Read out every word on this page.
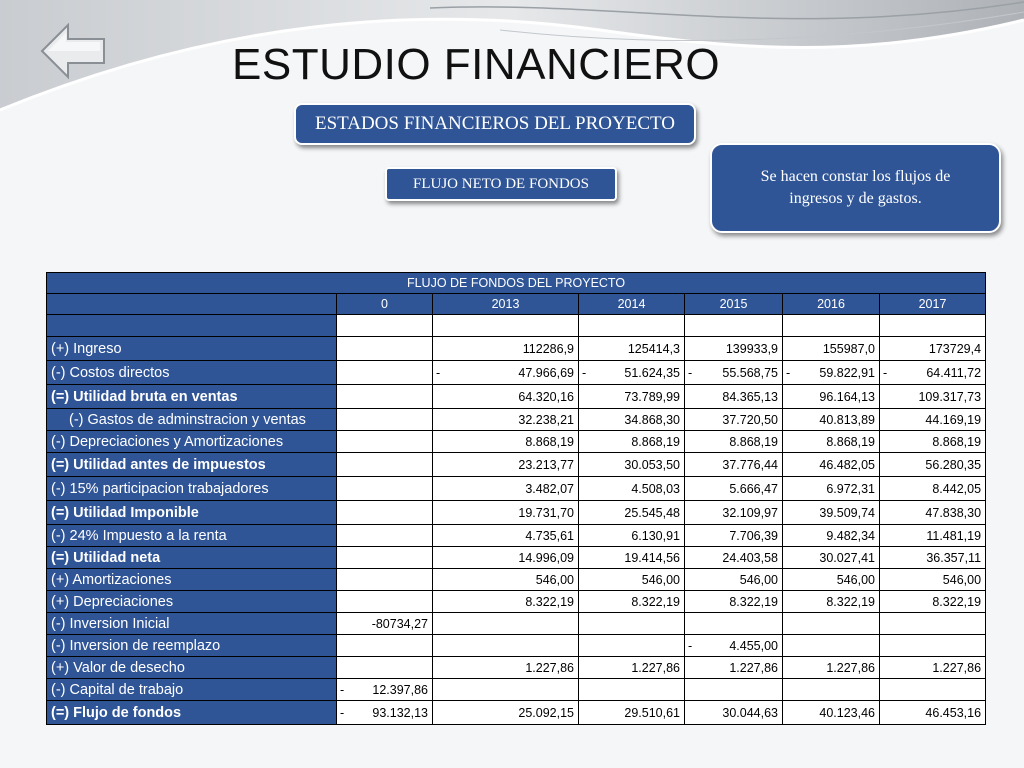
ESTUDIO FINANCIERO
ESTADOS FINANCIEROS DEL PROYECTO
FLUJO NETO DE FONDOS	Se hacen constar los flujos de ingresos y de gastos.
FLUJO DE FONDOS DEL PROYECTO						
	0	2013	2014	2015	2016	2017

(+) Ingreso		112286,9	125414,3	139933,9	155987,0	173729,4
(-) Costos directos		- 47.966,69	- 51.624,35	- 55.568,75	- 59.822,91	- 64.411,72
(=) Utilidad bruta en ventas		64.320,16	73.789,99	84.365,13	96.164,13	109.317,73
(-) Gastos de adminstracion y ventas		32.238,21	34.868,30	37.720,50	40.813,89	44.169,19
(-) Depreciaciones y Amortizaciones		8.868,19	8.868,19	8.868,19	8.868,19	8.868,19
(=) Utilidad antes de impuestos		23.213,77	30.053,50	37.776,44	46.482,05	56.280,35
(-) 15% participacion trabajadores		3.482,07	4.508,03	5.666,47	6.972,31	8.442,05
(=) Utilidad Imponible		19.731,70	25.545,48	32.109,97	39.509,74	47.838,30
(-) 24% Impuesto a la renta		4.735,61	6.130,91	7.706,39	9.482,34	11.481,19
(=) Utilidad neta		14.996,09	19.414,56	24.403,58	30.027,41	36.357,11
(+) Amortizaciones		546,00	546,00	546,00	546,00	546,00
(+) Depreciaciones		8.322,19	8.322,19	8.322,19	8.322,19	8.322,19
(-) Inversion Inicial	-80734,27					
(-) Inversion de reemplazo				- 4.455,00		
(+) Valor de desecho		1.227,86	1.227,86	1.227,86	1.227,86	1.227,86
(-) Capital de trabajo	- 12.397,86					
(=) Flujo de fondos	- 93.132,13	25.092,15	29.510,61	30.044,63	40.123,46	46.453,16
